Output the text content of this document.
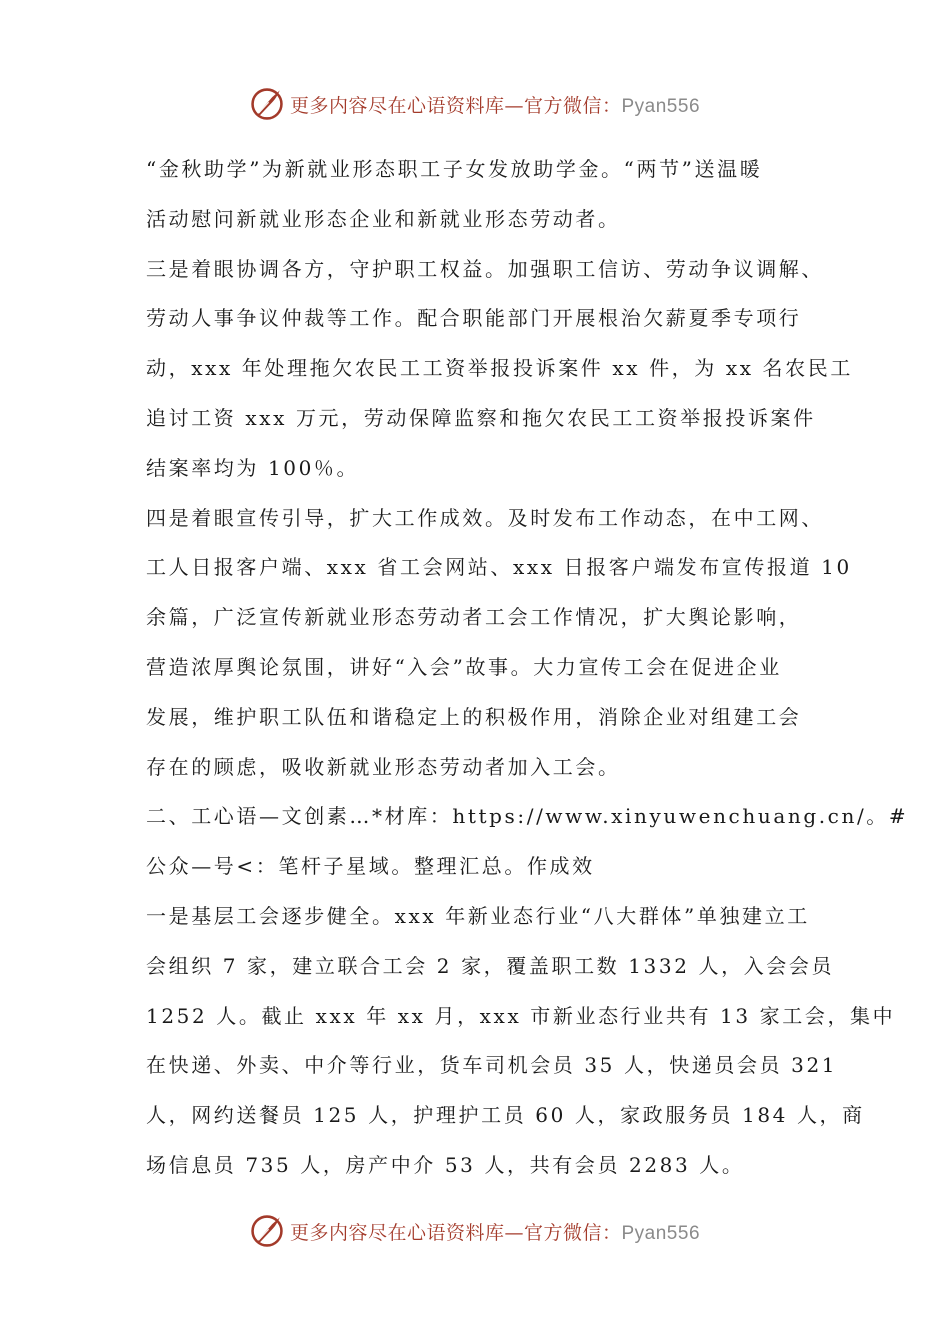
更多内容尽在心语资料库—官方微信：Pyan556
“金秋助学”为新就业形态职工子女发放助学金。“两节”送温暖
活动慰问新就业形态企业和新就业形态劳动者。
三是着眼协调各方，守护职工权益。加强职工信访、劳动争议调解、
劳动人事争议仲裁等工作。配合职能部门开展根治欠薪夏季专项行
动，xxx 年处理拖欠农民工工资举报投诉案件 xx 件，为 xx 名农民工
追讨工资 xxx 万元，劳动保障监察和拖欠农民工工资举报投诉案件
结案率均为 100％。
四是着眼宣传引导，扩大工作成效。及时发布工作动态，在中工网、
工人日报客户端、xxx 省工会网站、xxx 日报客户端发布宣传报道 10
余篇，广泛宣传新就业形态劳动者工会工作情况，扩大舆论影响，
营造浓厚舆论氛围，讲好“入会”故事。大力宣传工会在促进企业
发展，维护职工队伍和谐稳定上的积极作用，消除企业对组建工会
存在的顾虑，吸收新就业形态劳动者加入工会。
二、工心语—文创素…*材库：https://www.xinyuwenchuang.cn/。#
公众—号<：笔杆子星域。整理汇总。作成效
一是基层工会逐步健全。xxx 年新业态行业“八大群体”单独建立工
会组织 7 家，建立联合工会 2 家，覆盖职工数 1332 人，入会会员
1252 人。截止 xxx 年 xx 月，xxx 市新业态行业共有 13 家工会，集中
在快递、外卖、中介等行业，货车司机会员 35 人，快递员会员 321
人，网约送餐员 125 人，护理护工员 60 人，家政服务员 184 人，商
场信息员 735 人，房产中介 53 人，共有会员 2283 人。
更多内容尽在心语资料库—官方微信：Pyan556
